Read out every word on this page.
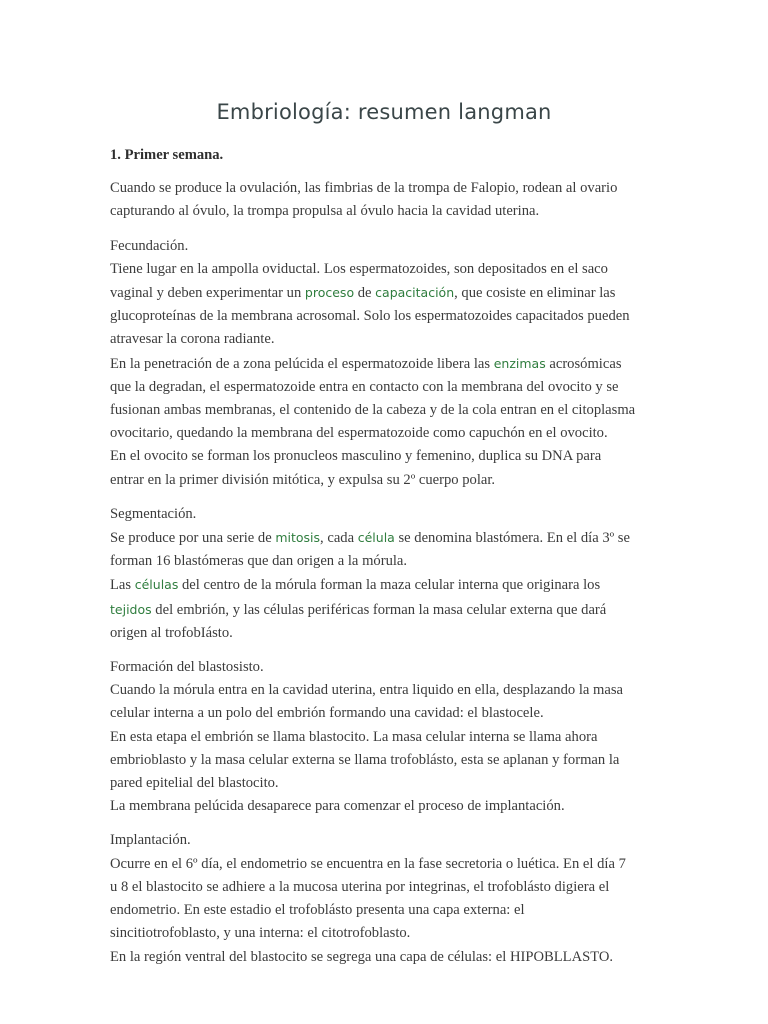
Embriología: resumen langman
1. Primer semana.
Cuando se produce la ovulación, las fimbrias de la trompa de Falopio, rodean al ovario
capturando al óvulo, la trompa propulsa al óvulo hacia la cavidad uterina.
Fecundación.
Tiene lugar en la ampolla oviductal. Los espermatozoides, son depositados en el saco
vaginal y deben experimentar un proceso de capacitación, que cosiste en eliminar las
glucoproteínas de la membrana acrosomal. Solo los espermatozoides capacitados pueden
atravesar la corona radiante.
En la penetración de a zona pelúcida el espermatozoide libera las enzimas acrosómicas
que la degradan, el espermatozoide entra en contacto con la membrana del ovocito y se
fusionan ambas membranas, el contenido de la cabeza y de la cola entran en el citoplasma
ovocitario, quedando la membrana del espermatozoide como capuchón en el ovocito.
En el ovocito se forman los pronucleos masculino y femenino, duplica su DNA para
entrar en la primer división mitótica, y expulsa su 2º cuerpo polar.
Segmentación.
Se produce por una serie de mitosis, cada célula se denomina blastómera. En el día 3º se
forman 16 blastómeras que dan origen a la mórula.
Las células del centro de la mórula forman la maza celular interna que originara los
tejidos del embrión, y las células periféricas forman la masa celular externa que dará
origen al trofobIásto.
Formación del blastosisto.
Cuando la mórula entra en la cavidad uterina, entra liquido en ella, desplazando la masa
celular interna a un polo del embrión formando una cavidad: el blastocele.
En esta etapa el embrión se llama blastocito. La masa celular interna se llama ahora
embrioblasto y la masa celular externa se llama trofoblásto, esta se aplanan y forman la
pared epitelial del blastocito.
La membrana pelúcida desaparece para comenzar el proceso de implantación.
Implantación.
Ocurre en el 6º día, el endometrio se encuentra en la fase secretoria o luética. En el día 7
u 8 el blastocito se adhiere a la mucosa uterina por integrinas, el trofoblásto digiera el
endometrio. En este estadio el trofoblásto presenta una capa externa: el
sincitiotrofoblasto, y una interna: el citotrofoblasto.
En la región ventral del blastocito se segrega una capa de células: el HIPOBLLASTO.
